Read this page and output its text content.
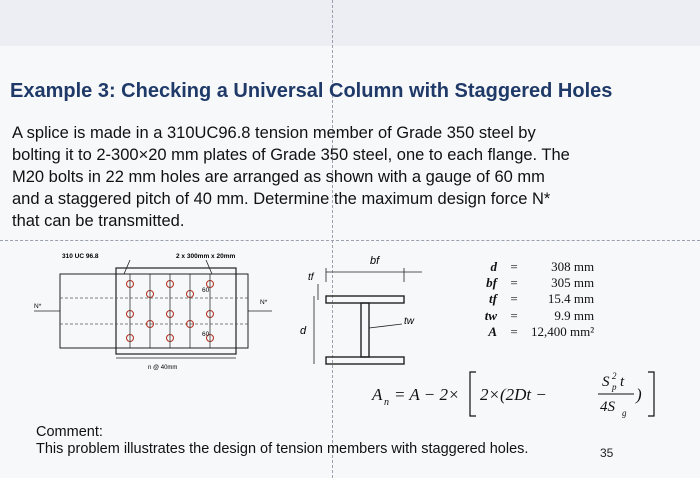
Example 3: Checking a Universal Column with Staggered Holes
A splice is made in a 310UC96.8 tension member of Grade 350 steel by
bolting it to 2-300×20 mm plates of Grade 350 steel, one to each flange. The
M20 bolts in 22 mm holes are arranged as shown with a gauge of 60 mm
and a staggered pitch of 40 mm. Determine the maximum design force N*
that can be transmitted.
310 UC 96.8	2 x 300mm x 20mm
60
60
N*
N*
n @ 40mm
bf
tf
tw
d
d	=	308 mm
bf	=	305 mm
tf	=	15.4 mm
tw	=	9.9 mm
A	=	12,400 mm²
A n = A − 2× 2×(2Dt −
S 2
p t
4S g
)
Comment:
This problem illustrates the design of tension members with staggered holes.	35
